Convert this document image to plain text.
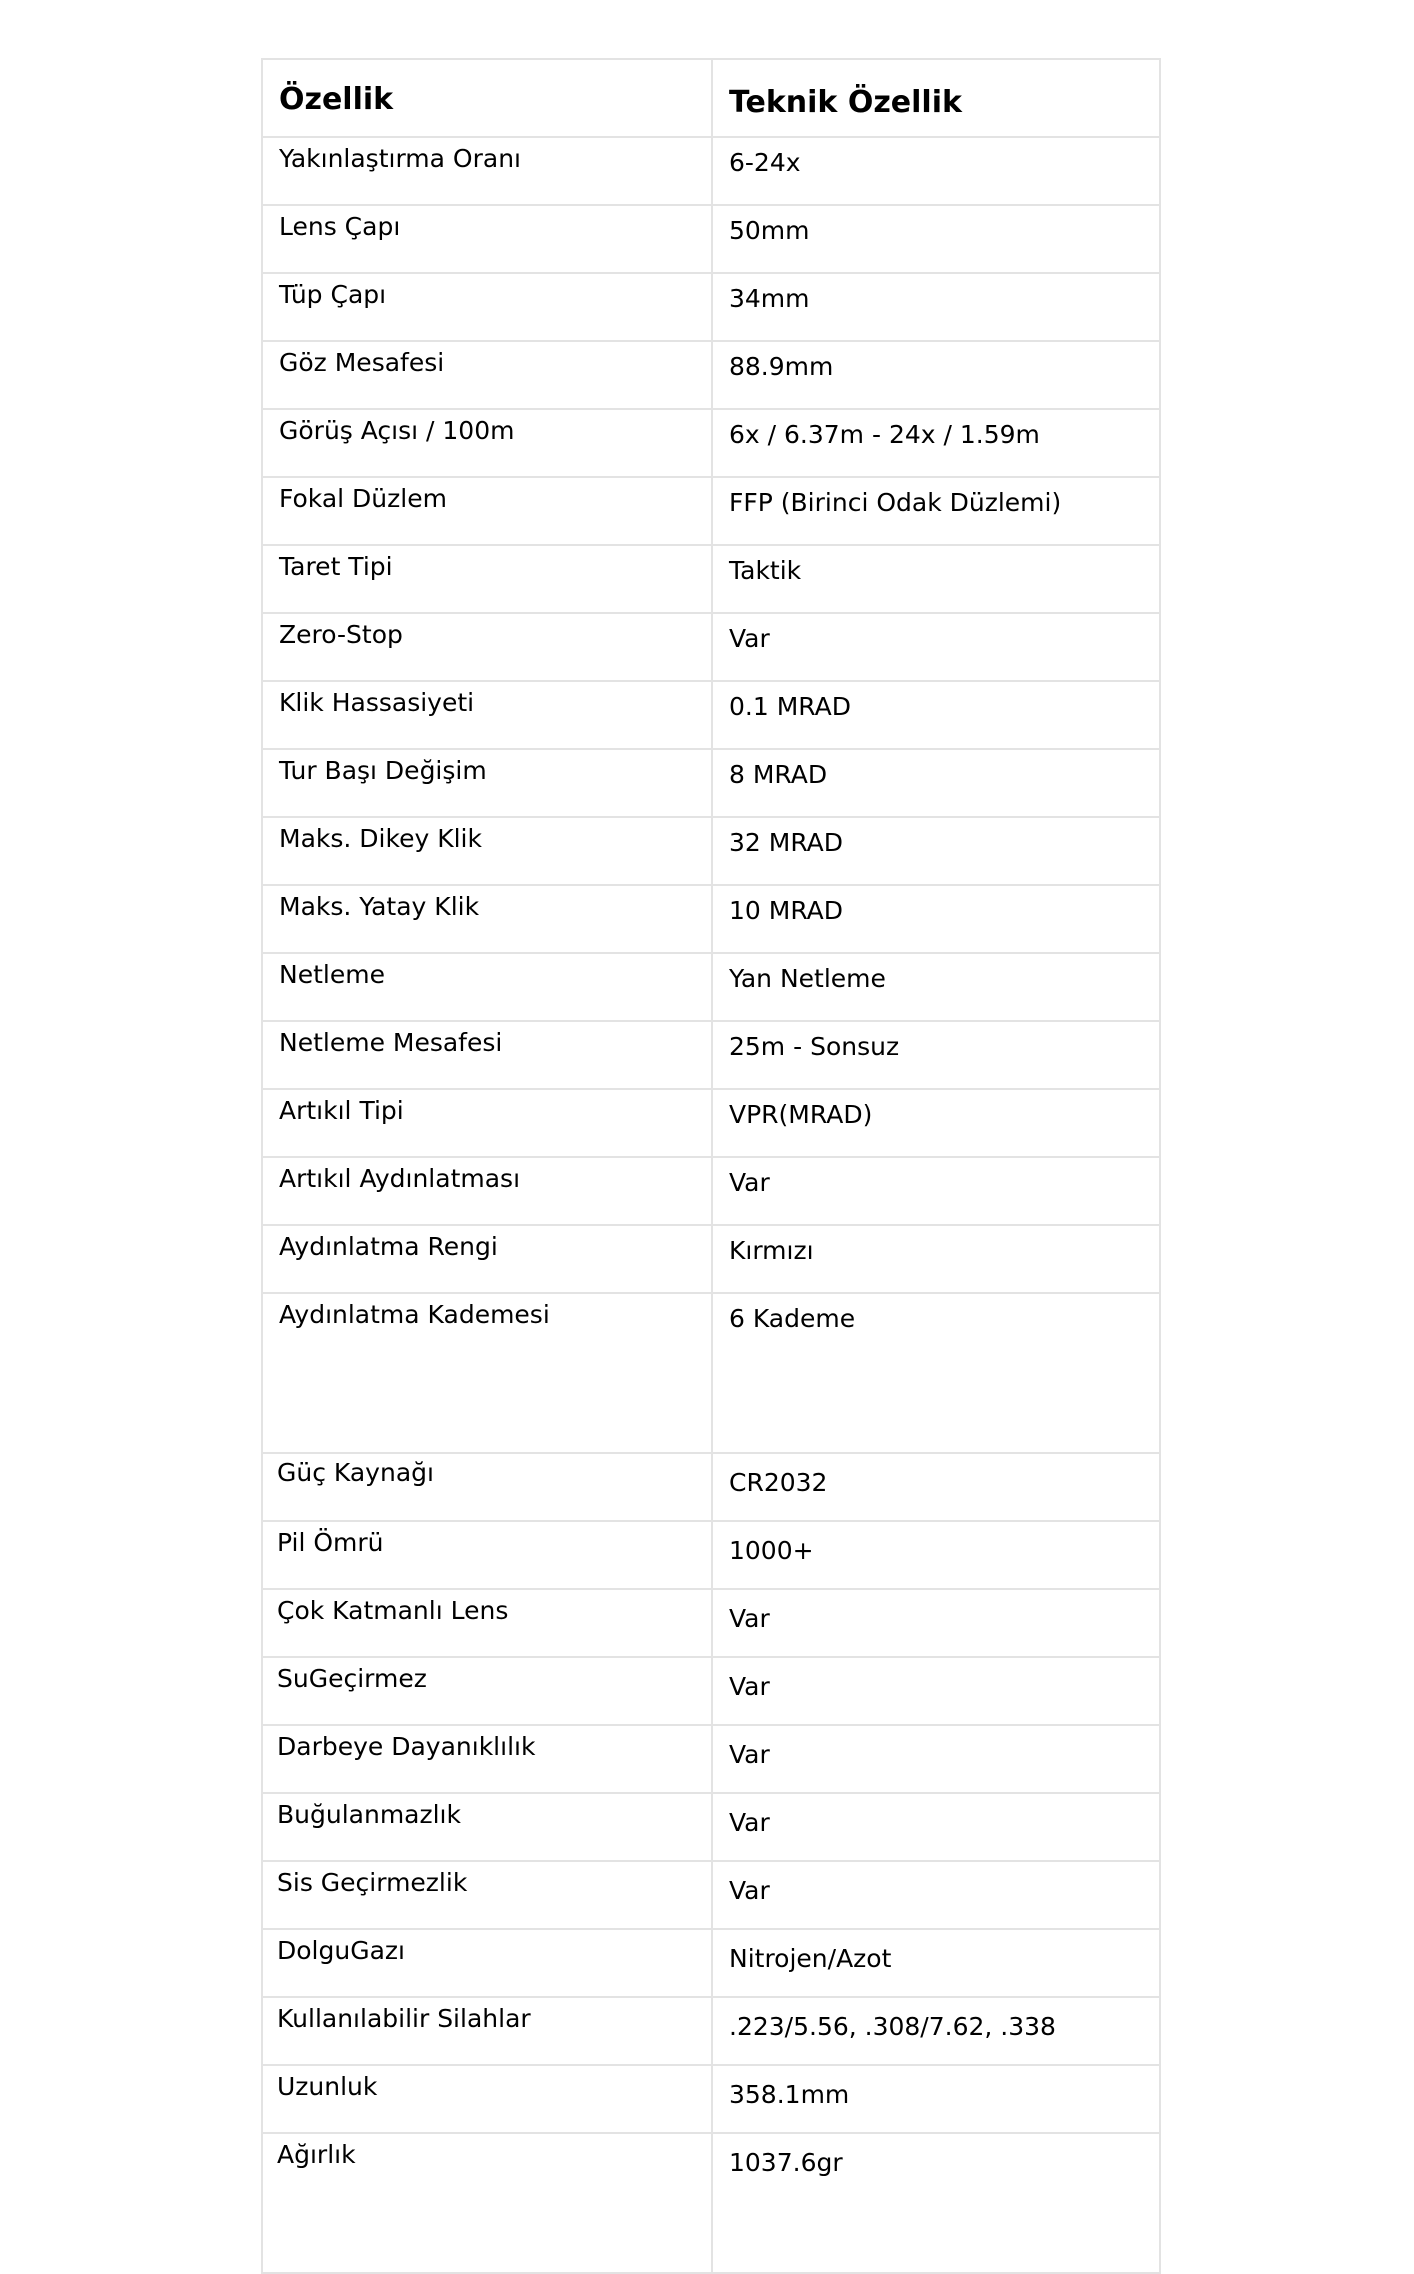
Özellik	Teknik Özellik
Yakınlaştırma Oranı	6-24x
Lens Çapı	50mm
Tüp Çapı	34mm
Göz Mesafesi	88.9mm
Görüş Açısı / 100m	6x / 6.37m - 24x / 1.59m
Fokal Düzlem	FFP (Birinci Odak Düzlemi)
Taret Tipi	Taktik
Zero-Stop	Var
Klik Hassasiyeti	0.1 MRAD
Tur Başı Değişim	8 MRAD
Maks. Dikey Klik	32 MRAD
Maks. Yatay Klik	10 MRAD
Netleme	Yan Netleme
Netleme Mesafesi	25m - Sonsuz
Artıkıl Tipi	VPR(MRAD)
Artıkıl Aydınlatması	Var
Aydınlatma Rengi	Kırmızı
Aydınlatma Kademesi	6 Kademe
Güç Kaynağı	CR2032
Pil Ömrü	1000+
Çok Katmanlı Lens	Var
SuGeçirmez	Var
Darbeye Dayanıklılık	Var
Buğulanmazlık	Var
Sis Geçirmezlik	Var
DolguGazı	Nitrojen/Azot
Kullanılabilir Silahlar	.223/5.56, .308/7.62, .338
Uzunluk	358.1mm
Ağırlık	1037.6gr
